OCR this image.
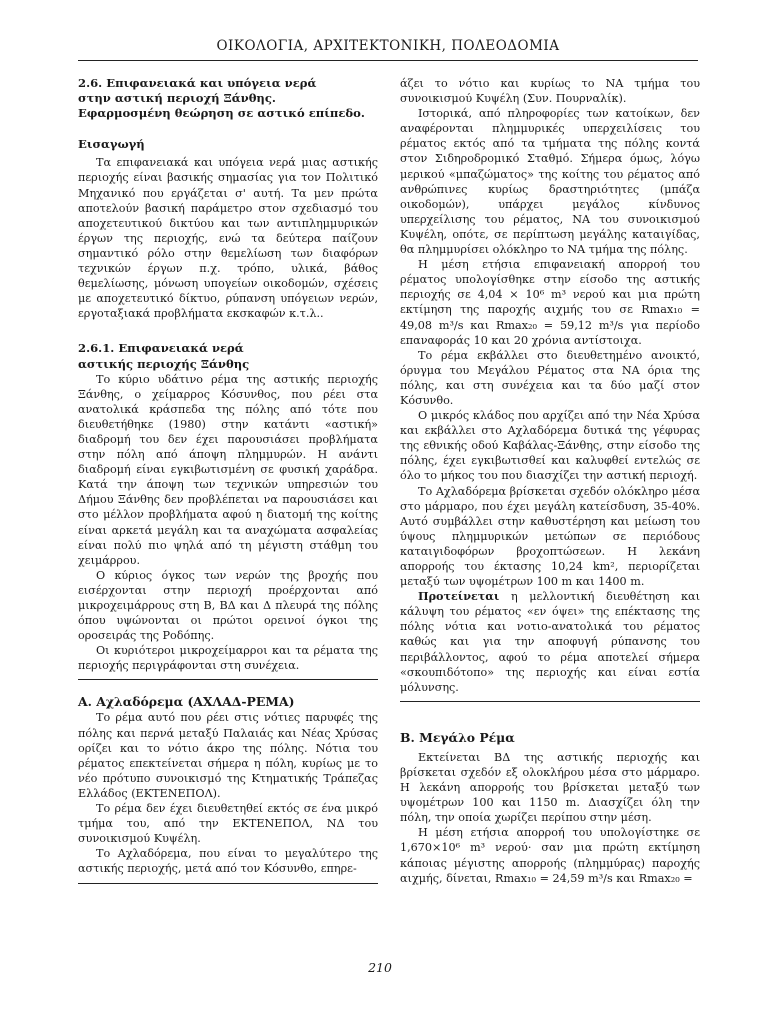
ΟΙΚΟΛΟΓΙΑ, ΑΡΧΙΤΕΚΤΟΝΙΚΗ, ΠΟΛΕΟΔΟΜΙΑ

2.6. Επιφανειακά και υπόγεια νερά

στην αστική περιοχή Ξάνθης.

Εφαρμοσμένη θεώρηση σε αστικό επίπεδο.

Εισαγωγή

Τα επιφανειακά και υπόγεια νερά μιας αστικής περιοχής είναι βασικής σημασίας για τον Πολιτικό Μηχανικό που εργάζεται σ' αυτή. Τα μεν πρώτα αποτελούν βασική παράμετρο στον σχεδιασμό του αποχετευτικού δικτύου και των αντιπλημμυρικών έργων της περιοχής, ενώ τα δεύτερα παίζουν σημαντικό ρόλο στην θεμελίωση των διαφόρων τεχνικών έργων π.χ. τρόπο, υλικά, βάθος θεμελίωσης, μόνωση υπογείων οικοδομών, σχέσεις με αποχετευτικό δίκτυο, ρύπανση υπόγειων νερών, εργοταξιακά προβλήματα εκσκαφών κ.τ.λ..

2.6.1. Επιφανειακά νερά

αστικής περιοχής Ξάνθης

Το κύριο υδάτινο ρέμα της αστικής περιοχής Ξάνθης, ο χείμαρρος Κόσυνθος, που ρέει στα ανατολικά κράσπεδα της πόλης από τότε που διευθετήθηκε (1980) στην κατάντι «αστική» διαδρομή του δεν έχει παρουσιάσει προβλήματα στην πόλη από άποψη πλημμυρών. Η ανάντι διαδρομή είναι εγκιβωτισμένη σε φυσική χαράδρα. Κατά την άποψη των τεχνικών υπηρεσιών του Δήμου Ξάνθης δεν προβλέπεται να παρουσιάσει και στο μέλλον προβλήματα αφού η διατομή της κοίτης είναι αρκετά μεγάλη και τα αναχώματα ασφαλείας είναι πολύ πιο ψηλά από τη μέγιστη στάθμη του χειμάρρου.

Ο κύριος όγκος των νερών της βροχής που εισέρχονται στην περιοχή προέρχονται από μικροχειμάρρους στη Β, ΒΔ και Δ πλευρά της πόλης όπου υψώνονται οι πρώτοι ορεινοί όγκοι της οροσειράς της Ροδόπης.

Οι κυριότεροι μικροχείμαρροι και τα ρέματα της περιοχής περιγράφονται στη συνέχεια.

Α. Αχλαδόρεμα (ΑΧΛΑΔ-ΡΕΜΑ)

Το ρέμα αυτό που ρέει στις νότιες παρυφές της πόλης και περνά μεταξύ Παλαιάς και Νέας Χρύσας ορίζει και το νότιο άκρο της πόλης. Νότια του ρέματος επεκτείνεται σήμερα η πόλη, κυρίως με το νέο πρότυπο συνοικισμό της Κτηματικής Τράπεζας Ελλάδος (ΕΚΤΕΝΕΠΟΛ).

Το ρέμα δεν έχει διευθετηθεί εκτός σε ένα μικρό τμήμα του, από την ΕΚΤΕΝΕΠΟΛ, ΝΔ του συνοικισμού Κυψέλη.

Το Αχλαδόρεμα, που είναι το μεγαλύτερο της αστικής περιοχής, μετά από τον Κόσυνθο, επηρε-

άζει το νότιο και κυρίως το ΝΑ τμήμα του συνοικισμού Κυψέλη (Συν. Πουρναλίκ).

Ιστορικά, από πληροφορίες των κατοίκων, δεν αναφέρονται πλημμυρικές υπερχειλίσεις του ρέματος εκτός από τα τμήματα της πόλης κοντά στον Σιδηροδρομικό Σταθμό. Σήμερα όμως, λόγω μερικού «μπαζώματος» της κοίτης του ρέματος από ανθρώπινες κυρίως δραστηριότητες (μπάζα οικοδομών), υπάρχει μεγάλος κίνδυνος υπερχείλισης του ρέματος, ΝΑ του συνοικισμού Κυψέλη, οπότε, σε περίπτωση μεγάλης καταιγίδας, θα πλημμυρίσει ολόκληρο το ΝΑ τμήμα της πόλης.

Η μέση ετήσια επιφανειακή απορροή του ρέματος υπολογίσθηκε στην είσοδο της αστικής περιοχής σε 4,04 × 10⁶ m³ νερού και μια πρώτη εκτίμηση της παροχής αιχμής του σε Rmax₁₀ = 49,08 m³/s και Rmax₂₀ = 59,12 m³/s για περίοδο επαναφοράς 10 και 20 χρόνια αντίστοιχα.

Το ρέμα εκβάλλει στο διευθετημένο ανοικτό, όρυγμα του Μεγάλου Ρέματος στα ΝΑ όρια της πόλης, και στη συνέχεια και τα δύο μαζί στον Κόσυνθο.

Ο μικρός κλάδος που αρχίζει από την Νέα Χρύσα και εκβάλλει στο Αχλαδόρεμα δυτικά της γέφυρας της εθνικής οδού Καβάλας-Ξάνθης, στην είσοδο της πόλης, έχει εγκιβωτισθεί και καλυφθεί εντελώς σε όλο το μήκος του που διασχίζει την αστική περιοχή.

Το Αχλαδόρεμα βρίσκεται σχεδόν ολόκληρο μέσα στο μάρμαρο, που έχει μεγάλη κατείσδυση, 35-40%. Αυτό συμβάλλει στην καθυστέρηση και μείωση του ύψους πλημμυρικών μετώπων σε περιόδους καταιγιδοφόρων βροχοπτώσεων. Η λεκάνη απορροής του έκτασης 10,24 km², περιορίζεται μεταξύ των υψομέτρων 100 m και 1400 m.

Προτείνεται η μελλοντική διευθέτηση και κάλυψη του ρέματος «εν όψει» της επέκτασης της πόλης νότια και νοτιο-ανατολικά του ρέματος καθώς και για την αποφυγή ρύπανσης του περιβάλλοντος, αφού το ρέμα αποτελεί σήμερα «σκουπιδότοπο» της περιοχής και είναι εστία μόλυνσης.

Β. Μεγάλο Ρέμα

Εκτείνεται ΒΔ της αστικής περιοχής και βρίσκεται σχεδόν εξ ολοκλήρου μέσα στο μάρμαρο. Η λεκάνη απορροής του βρίσκεται μεταξύ των υψομέτρων 100 και 1150 m. Διασχίζει όλη την πόλη, την οποία χωρίζει περίπου στην μέση.

Η μέση ετήσια απορροή του υπολογίστηκε σε 1,670×10⁶ m³ νερού· σαν μια πρώτη εκτίμηση κάποιας μέγιστης απορροής (πλημμύρας) παροχής αιχμής, δίνεται, Rmax₁₀ = 24,59 m³/s και Rmax₂₀ =

210
